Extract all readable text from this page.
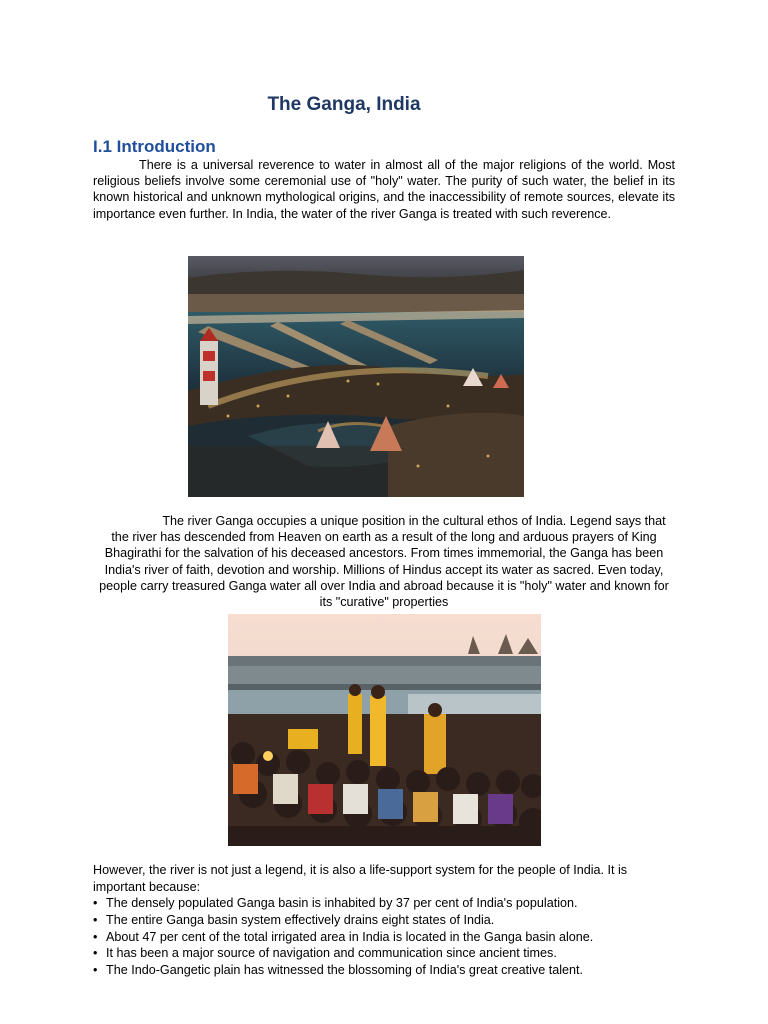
The Ganga, India
I.1 Introduction

There is a universal reverence to water in almost all of the major religions of the world. Most religious beliefs involve some ceremonial use of "holy" water. The purity of such water, the belief in its known historical and unknown mythological origins, and the inaccessibility of remote sources, elevate its importance even further. In India, the water of the river Ganga is treated with such reverence.

The river Ganga occupies a unique position in the cultural ethos of India. Legend says that the river has descended from Heaven on earth as a result of the long and arduous prayers of King Bhagirathi for the salvation of his deceased ancestors. From times immemorial, the Ganga has been India's river of faith, devotion and worship. Millions of Hindus accept its water as sacred. Even today, people carry treasured Ganga water all over India and abroad because it is "holy" water and known for its "curative" properties

However, the river is not just a legend, it is also a life-support system for the people of India. It is important because:

• The densely populated Ganga basin is inhabited by 37 per cent of India's population.
• The entire Ganga basin system effectively drains eight states of India.
• About 47 per cent of the total irrigated area in India is located in the Ganga basin alone.
• It has been a major source of navigation and communication since ancient times.
• The Indo-Gangetic plain has witnessed the blossoming of India's great creative talent.
